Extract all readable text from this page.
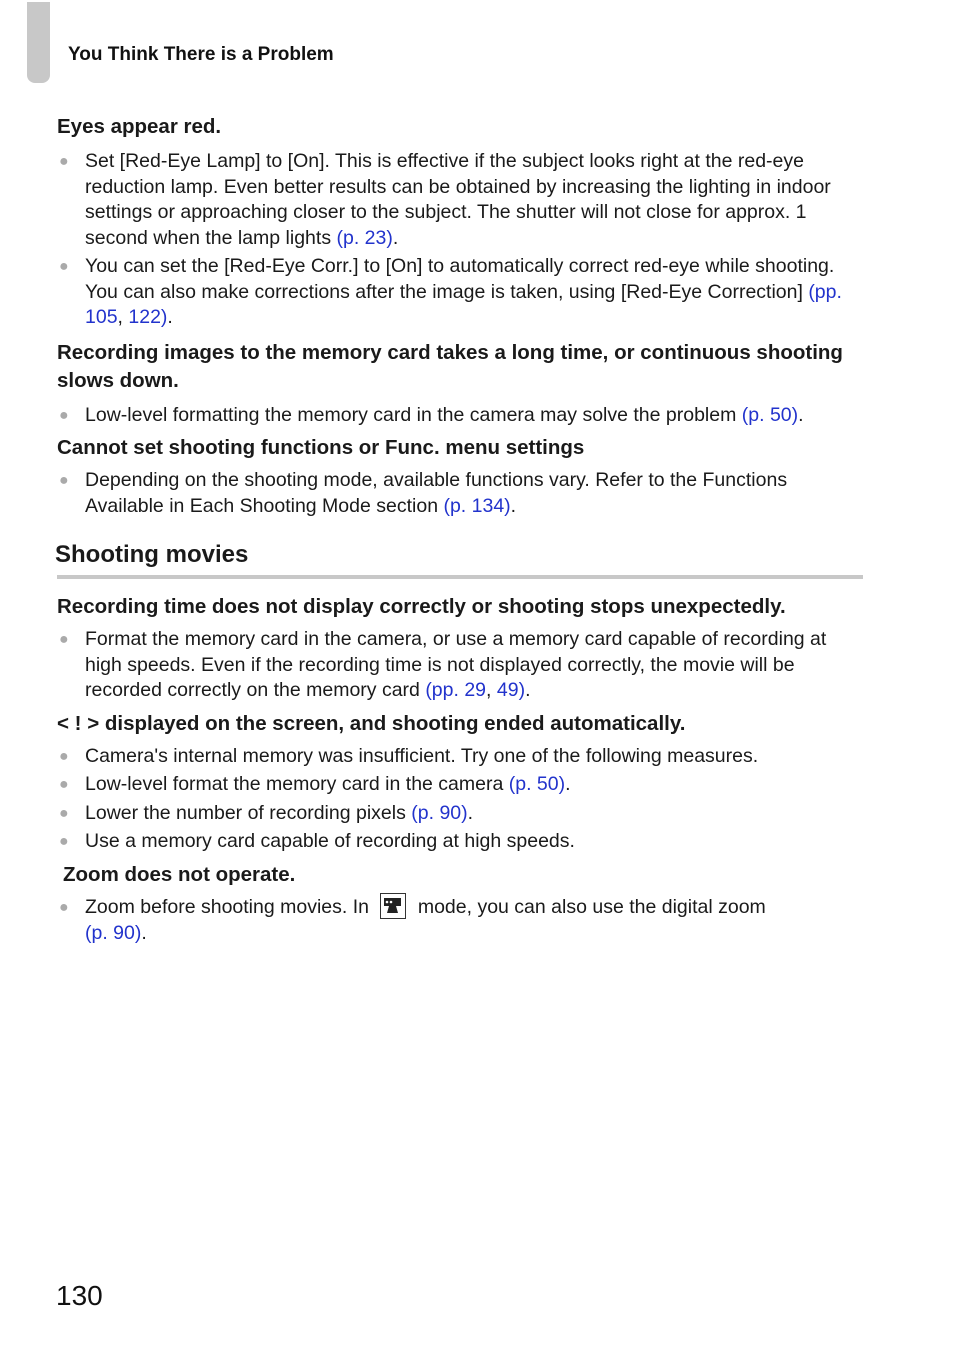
You Think There is a Problem

Eyes appear red.

● Set [Red-Eye Lamp] to [On]. This is effective if the subject looks right at the red-eye reduction lamp. Even better results can be obtained by increasing the lighting in indoor settings or approaching closer to the subject. The shutter will not close for approx. 1 second when the lamp lights (p. 23).
● You can set the [Red-Eye Corr.] to [On] to automatically correct red-eye while shooting. You can also make corrections after the image is taken, using [Red-Eye Correction] (pp. 105, 122).

Recording images to the memory card takes a long time, or continuous shooting slows down.

● Low-level formatting the memory card in the camera may solve the problem (p. 50).

Cannot set shooting functions or Func. menu settings

● Depending on the shooting mode, available functions vary. Refer to the Functions Available in Each Shooting Mode section (p. 134).
Shooting movies

Recording time does not display correctly or shooting stops unexpectedly.

● Format the memory card in the camera, or use a memory card capable of recording at high speeds. Even if the recording time is not displayed correctly, the movie will be recorded correctly on the memory card (pp. 29, 49).

< ! > displayed on the screen, and shooting ended automatically.

● Camera's internal memory was insufficient. Try one of the following measures.
● Low-level format the memory card in the camera (p. 50).
● Lower the number of recording pixels (p. 90).
● Use a memory card capable of recording at high speeds.

Zoom does not operate.

● Zoom before shooting movies. In
mode, you can also use the digital zoom
(p. 90).
130
